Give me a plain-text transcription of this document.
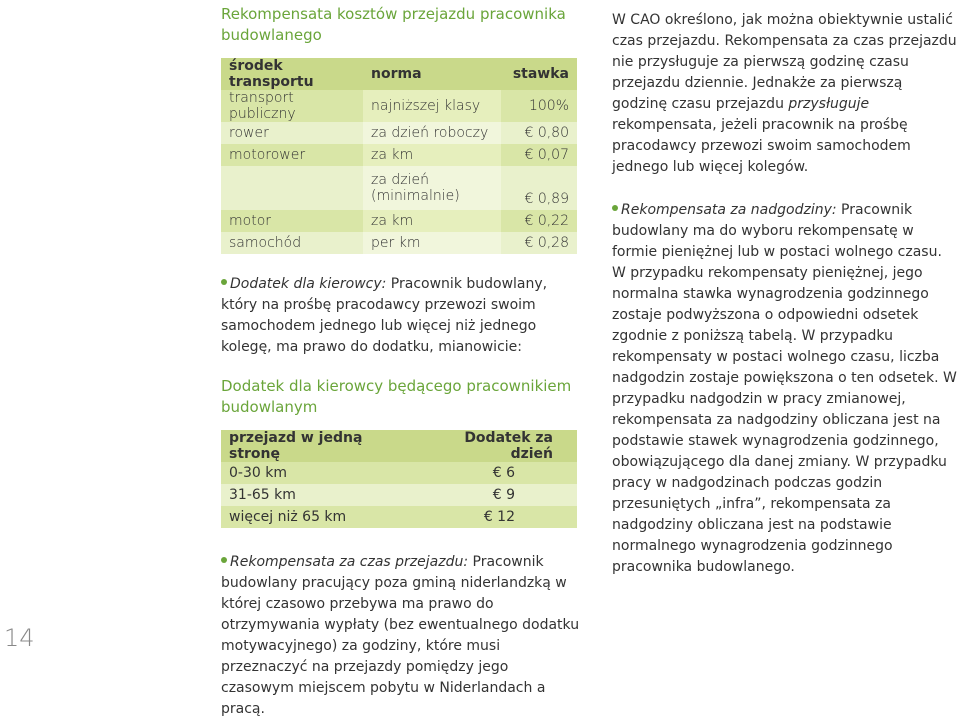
14
Rekompensata kosztów przejazdu pracownika budowlanego
środek transportu	norma	stawka
transport publiczny	najniższej klasy	100%
rower	za dzień roboczy	€ 0,80
motorower	za km	€ 0,07
	za dzień (minimalnie)	€ 0,89
motor	za km	€ 0,22
samochód	per km	€ 0,28

Dodatek dla kierowcy: Pracownik budowlany, który na prośbę pracodawcy przewozi swoim samochodem jednego lub więcej niż jednego kolegę, ma prawo do dodatku, mianowicie:

Dodatek dla kierowcy będącego pracownikiem budowlanym
przejazd w jedną stronę	Dodatek za dzień
0-30 km	€ 6
31-65 km	€ 9
więcej niż 65 km	€ 12

Rekompensata za czas przejazdu: Pracownik budowlany pracujący poza gminą niderlandzką w której czasowo przebywa ma prawo do otrzymywania wypłaty (bez ewentualnego dodatku motywacyjnego) za godziny, które musi przeznaczyć na przejazdy pomiędzy jego czasowym miejscem pobytu w Niderlandach a pracą.

W CAO określono, jak można obiektywnie ustalić czas przejazdu. Rekompensata za czas przejazdu nie przysługuje za pierwszą godzinę czasu przejazdu dziennie. Jednakże za pierwszą godzinę czasu przejazdu przysługuje rekompensata, jeżeli pracownik na prośbę pracodawcy przewozi swoim samochodem jednego lub więcej kolegów.

Rekompensata za nadgodziny: Pracownik budowlany ma do wyboru rekompensatę w formie pieniężnej lub w postaci wolnego czasu. W przypadku rekompensaty pieniężnej, jego normalna stawka wynagrodzenia godzinnego zostaje podwyższona o odpowiedni odsetek zgodnie z poniższą tabelą. W przypadku rekompensaty w postaci wolnego czasu, liczba nadgodzin zostaje powiększona o ten odsetek. W przypadku nadgodzin w pracy zmianowej, rekompensata za nadgodziny obliczana jest na podstawie stawek wynagrodzenia godzinnego, obowiązującego dla danej zmiany. W przypadku pracy w nadgodzinach podczas godzin przesuniętych „infra”, rekompensata za nadgodziny obliczana jest na podstawie normalnego wynagrodzenia godzinnego pracownika budowlanego.
